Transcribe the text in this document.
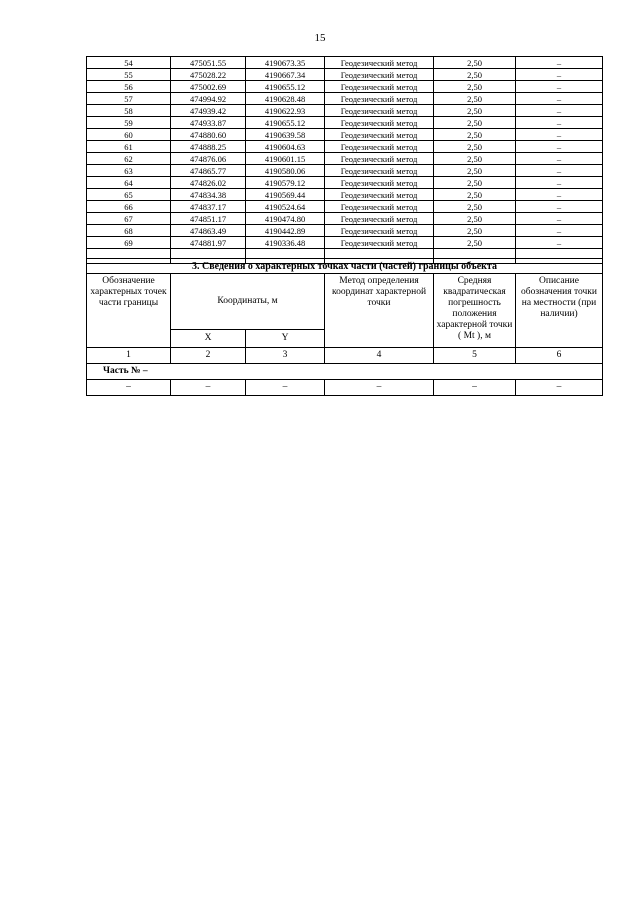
15
54	475051.55	4190673.35	Геодезический метод	2,50	–
55	475028.22	4190667.34	Геодезический метод	2,50	–
56	475002.69	4190655.12	Геодезический метод	2,50	–
57	474994.92	4190628.48	Геодезический метод	2,50	–
58	474939.42	4190622.93	Геодезический метод	2,50	–
59	474933.87	4190655.12	Геодезический метод	2,50	–
60	474880.60	4190639.58	Геодезический метод	2,50	–
61	474888.25	4190604.63	Геодезический метод	2,50	–
62	474876.06	4190601.15	Геодезический метод	2,50	–
63	474865.77	4190580.06	Геодезический метод	2,50	–
64	474826.02	4190579.12	Геодезический метод	2,50	–
65	474834.38	4190569.44	Геодезический метод	2,50	–
66	474837.17	4190524.64	Геодезический метод	2,50	–
67	474851.17	4190474.80	Геодезический метод	2,50	–
68	474863.49	4190442.89	Геодезический метод	2,50	–
69	474881.97	4190336.48	Геодезический метод	2,50	–

3. Сведения о характерных точках части (частей) границы объекта					
Обозначение характерных точек части границы	Координаты, м		Метод определения координат характерной точки	Средняя квадратическая погрешность положения характерной точки ( Mt ), м	Описание обозначения точки на местности (при наличии)
	X	Y			
1	2	3	4	5	6
Часть № –					
–	–	–	–	–	–
